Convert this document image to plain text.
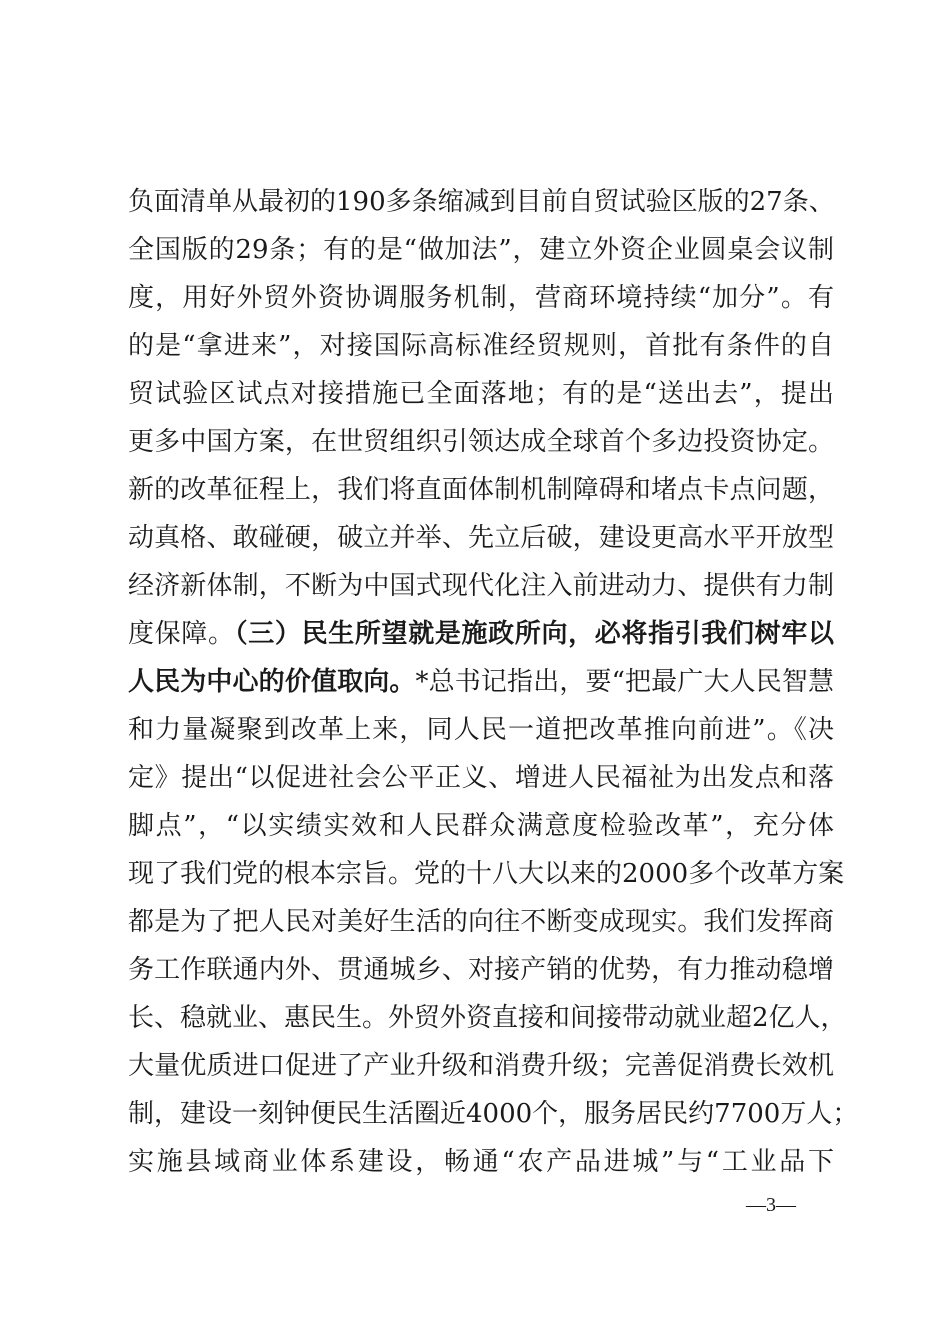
负面清单从最初的190多条缩减到目前自贸试验区版的27条、
全国版的29条；有的是“做加法”，建立外资企业圆桌会议制
度，用好外贸外资协调服务机制，营商环境持续“加分”。有
的是“拿进来”，对接国际高标准经贸规则，首批有条件的自
贸试验区试点对接措施已全面落地；有的是“送出去”，提出
更多中国方案，在世贸组织引领达成全球首个多边投资协定。
新的改革征程上，我们将直面体制机制障碍和堵点卡点问题，
动真格、敢碰硬，破立并举、先立后破，建设更高水平开放型
经济新体制，不断为中国式现代化注入前进动力、提供有力制
度保障。（三）民生所望就是施政所向，必将指引我们树牢以
人民为中心的价值取向。*总书记指出，要“把最广大人民智慧
和力量凝聚到改革上来，同人民一道把改革推向前进”。《决
定》提出“以促进社会公平正义、增进人民福祉为出发点和落
脚点”，“以实绩实效和人民群众满意度检验改革”，充分体
现了我们党的根本宗旨。党的十八大以来的2000多个改革方案
都是为了把人民对美好生活的向往不断变成现实。我们发挥商
务工作联通内外、贯通城乡、对接产销的优势，有力推动稳增
长、稳就业、惠民生。外贸外资直接和间接带动就业超2亿人，
大量优质进口促进了产业升级和消费升级；完善促消费长效机
制，建设一刻钟便民生活圈近4000个，服务居民约7700万人；
实施县域商业体系建设，畅通“农产品进城”与“工业品下
—3—
